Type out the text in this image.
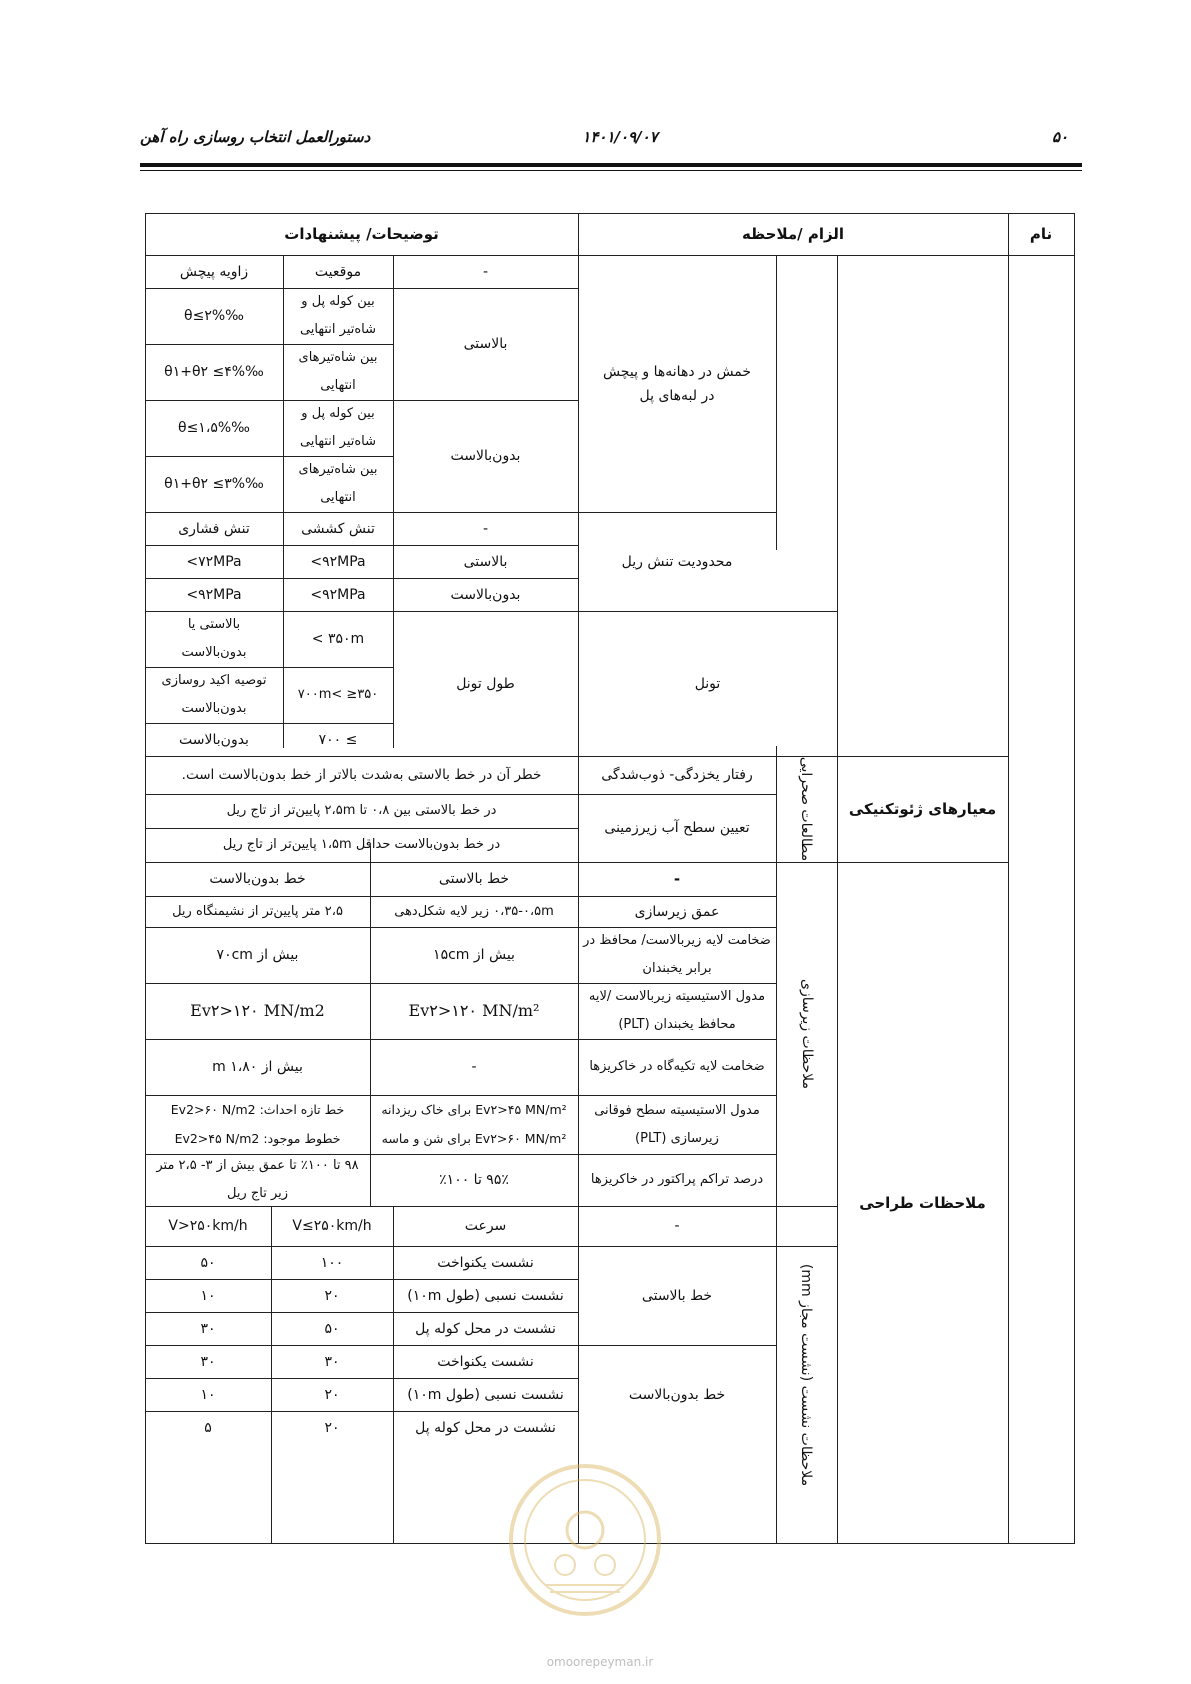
۵۰
۱۴۰۱/۰۹/۰۷
دستورالعمل انتخاب روسازی راه آهن
نام
الزام /ملاحظه
توضیحات/ پیشنهادات
-
موقعیت
زاویه پیچش
بالاستی
بین کوله پل و شاه‌تیر انتهایی
θ≤۲%‰
بین شاه‌تیرهای انتهایی
θ۱+θ۲ ≤۴%‰
بدون‌بالاست
بین کوله پل و شاه‌تیر انتهایی
θ≤۱،۵%‰
بین شاه‌تیرهای انتهایی
θ۱+θ۲ ≤۳%‰
خمش در دهانه‌ها و پیچش در لبه‌های پل
-
تنش کششی
تنش فشاری
بالاستی
<۹۲MPa
<۷۲MPa
بدون‌بالاست
<۹۲MPa
<۹۲MPa
محدودیت تنش ریل
طول تونل
< ۳۵۰m
بالاستی یا بدون‌بالاست
۳۵۰≤ >۷۰۰m
توصیه اکید روسازی بدون‌بالاست
≥ ۷۰۰
بدون‌بالاست
تونل
معیارهای ژئوتکنیکی
مطالعات صحرایی
رفتار یخزدگی- ذوب‌شدگی
خطر آن در خط بالاستی به‌شدت بالاتر از خط بدون‌بالاست است.
تعیین سطح آب زیرزمینی
در خط بالاستی بین ۰،۸ تا ۲،۵m پایین‌تر از تاج ریل
در خط بدون‌بالاست حداقل ۱،۵m پایین‌تر از تاج ریل
ملاحظات طراحی
ملاحظات زیرسازی
-
خط بالاستی
خط بدون‌بالاست
عمق زیرسازی
۰،۳۵-۰،۵m زیر لایه شکل‌دهی
۲،۵ متر پایین‌تر از نشیمنگاه ریل
ضخامت لایه زیربالاست/ محافظ در برابر یخبندان
بیش از ۱۵cm
بیش از ۷۰cm
مدول الاستیسیته زیربالاست /لایه محافظ یخبندان (PLT)
Ev۲>۱۲۰ MN/m²
Ev۲>۱۲۰ MN/m2
ضخامت لایه تکیه‌گاه در خاکریزها
-
بیش از ۱،۸۰ m
مدول الاستیسیته سطح فوقانی زیرسازی (PLT)
Ev۲>۴۵ MN/m² برای خاک ریزدانه
Ev۲>۶۰ MN/m² برای شن و ماسه
خط تازه احداث: Ev2>۶۰ N/m2
خطوط موجود: Ev2>۴۵ N/m2
درصد تراکم پراکتور در خاکریزها
۹۵٪ تا ۱۰۰٪
۹۸ تا ۱۰۰٪ تا عمق بیش از ۳- ۲،۵ متر زیر تاج ریل
ملاحظات نشست (نشست مجاز mm)
-
سرعت
V≤۲۵۰km/h
V>۲۵۰km/h
خط بالاستی
نشست یکنواخت
۱۰۰
۵۰
نشست نسبی (طول ۱۰m)
۲۰
۱۰
نشست در محل کوله پل
۵۰
۳۰
خط بدون‌بالاست
نشست یکنواخت
۳۰
۳۰
نشست نسبی (طول ۱۰m)
۲۰
۱۰
نشست در محل کوله پل
۲۰
۵
omoorepeyman.ir
